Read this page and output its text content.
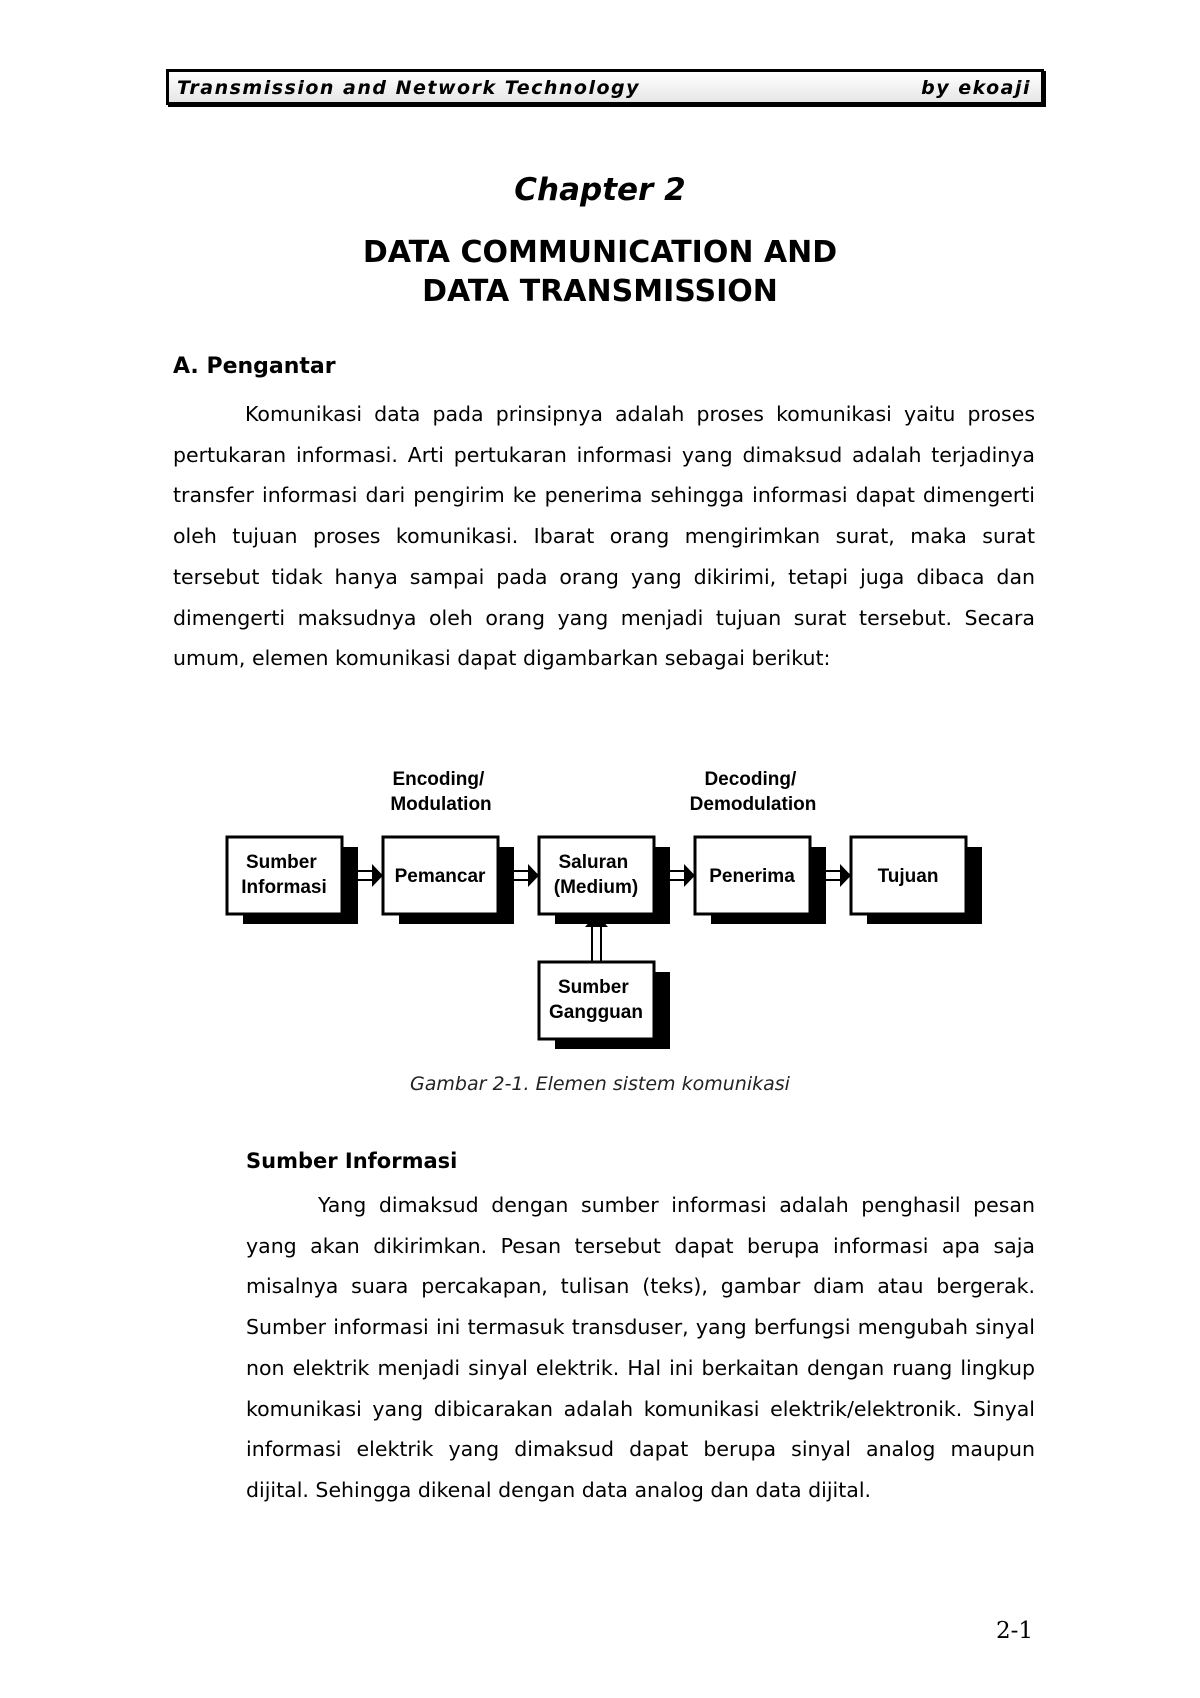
Transmission and Network Technology	by ekoaji
Chapter 2
DATA COMMUNICATION AND
DATA TRANSMISSION
A. Pengantar
Komunikasi data pada prinsipnya adalah proses komunikasi yaitu proses pertukaran informasi. Arti pertukaran informasi yang dimaksud adalah terjadinya transfer informasi dari pengirim ke penerima sehingga informasi dapat dimengerti oleh tujuan proses komunikasi. Ibarat orang mengirimkan surat, maka surat tersebut tidak hanya sampai pada orang yang dikirimi, tetapi juga dibaca dan dimengerti maksudnya oleh orang yang menjadi tujuan surat tersebut. Secara umum, elemen komunikasi dapat digambarkan sebagai berikut:
Encoding/ Modulation
Decoding/ Demodulation
Sumber Informasi
Pemancar
Saluran (Medium)
Penerima	Tujuan
Sumber Gangguan
Gambar 2-1. Elemen sistem komunikasi
Sumber Informasi
Yang dimaksud dengan sumber informasi adalah penghasil pesan yang akan dikirimkan. Pesan tersebut dapat berupa informasi apa saja misalnya suara percakapan, tulisan (teks), gambar diam atau bergerak. Sumber informasi ini termasuk transduser, yang berfungsi mengubah sinyal non elektrik menjadi sinyal elektrik. Hal ini berkaitan dengan ruang lingkup komunikasi yang dibicarakan adalah komunikasi elektrik/elektronik. Sinyal informasi elektrik yang dimaksud dapat berupa sinyal analog maupun dijital. Sehingga dikenal dengan data analog dan data dijital.
2-1
